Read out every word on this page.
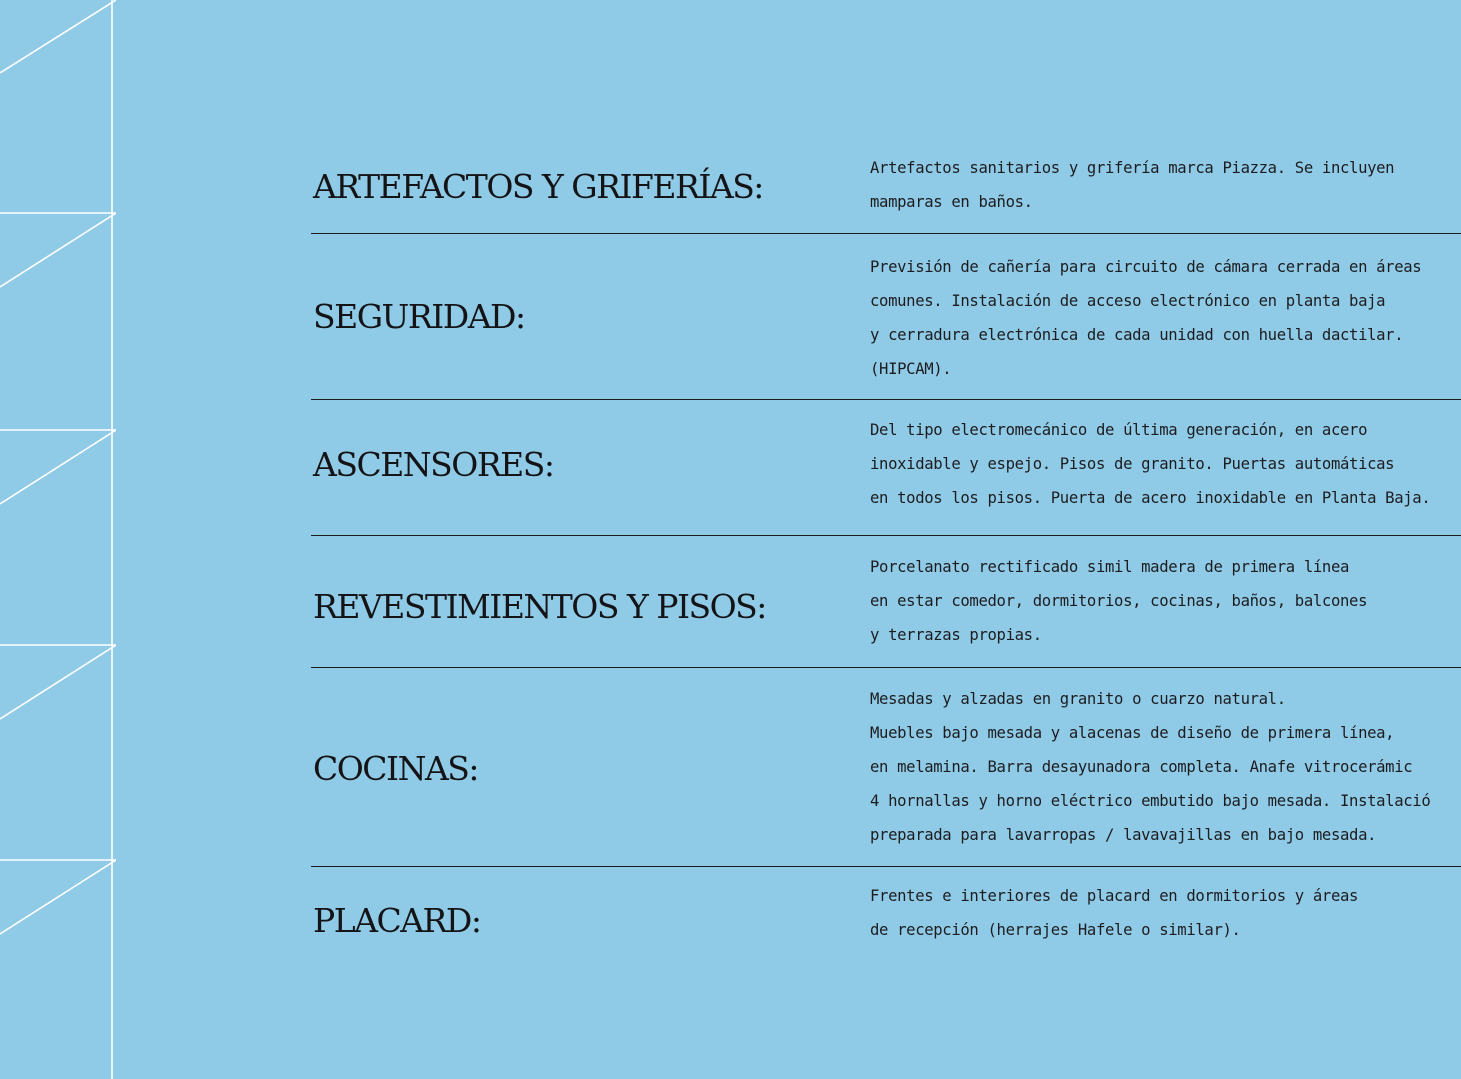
ARTEFACTOS Y GRIFERÍAS:	Artefactos sanitarios y grifería marca Piazza. Se incluyen
mamparas en baños.

SEGURIDAD:

Previsión de cañería para circuito de cámara cerrada en áreas
comunes. Instalación de acceso electrónico en planta baja
y cerradura electrónica de cada unidad con huella dactilar.
(HIPCAM).

ASCENSORES:

Del tipo electromecánico de última generación, en acero
inoxidable y espejo. Pisos de granito. Puertas automáticas
en todos los pisos. Puerta de acero inoxidable en Planta Baja.

REVESTIMIENTOS Y PISOS:

Porcelanato rectificado simil madera de primera línea
en estar comedor, dormitorios, cocinas, baños, balcones
y terrazas propias.

COCINAS:

Mesadas y alzadas en granito o cuarzo natural.
Muebles bajo mesada y alacenas de diseño de primera línea,
en melamina. Barra desayunadora completa. Anafe vitrocerámic
4 hornallas y horno eléctrico embutido bajo mesada. Instalació
preparada para lavarropas / lavavajillas en bajo mesada.

PLACARD:

Frentes e interiores de placard en dormitorios y áreas
de recepción (herrajes Hafele o similar).
